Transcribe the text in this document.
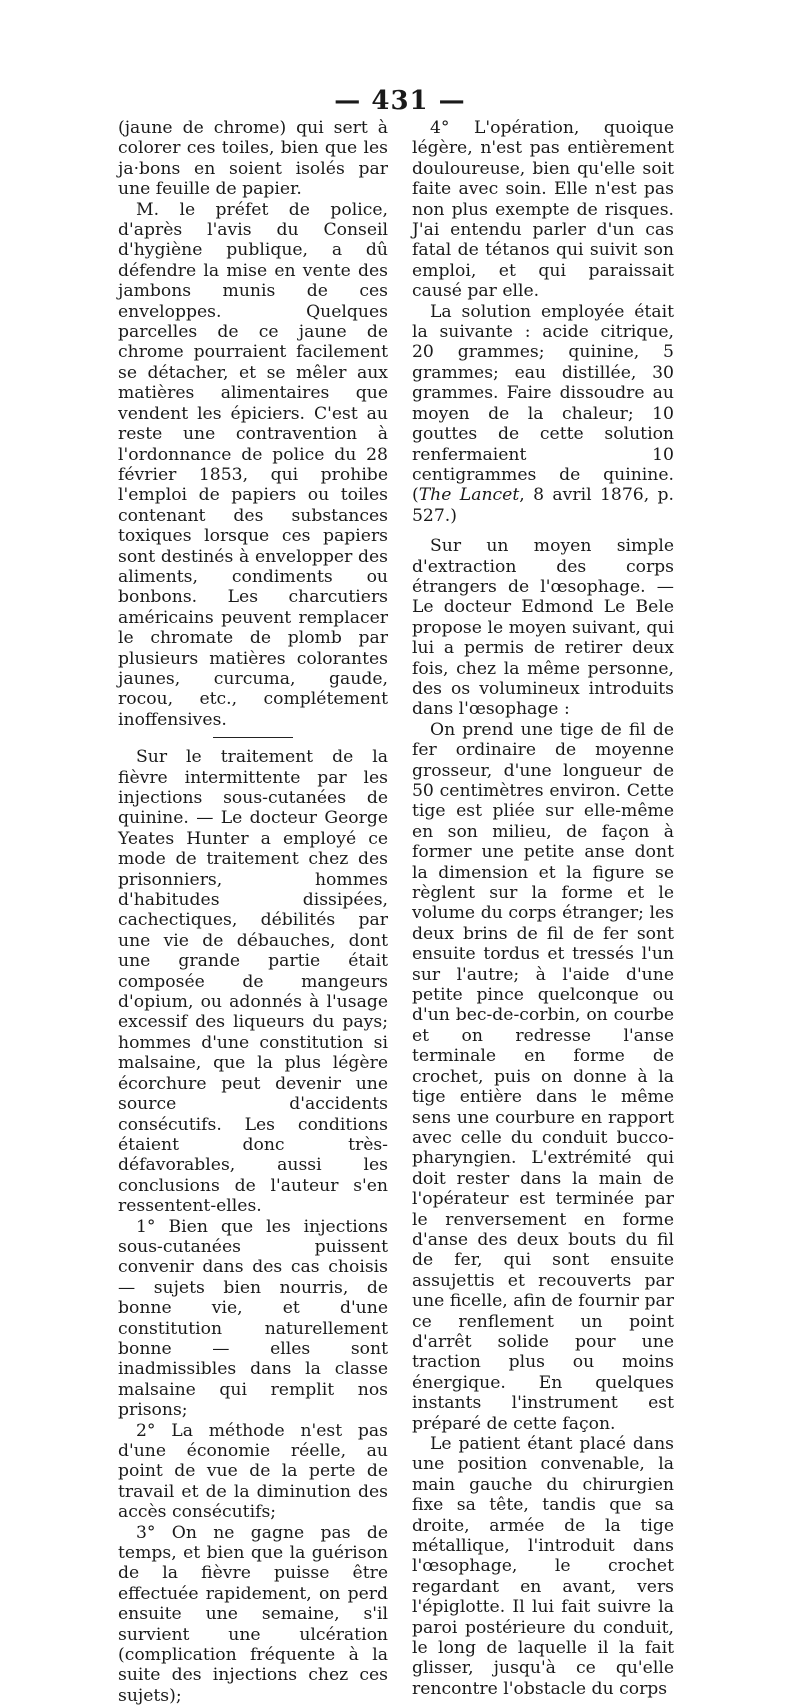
— 431 —

(jaune de chrome) qui sert à colorer ces toiles, bien que les ja·bons en soient isolés par une feuille de papier.

M. le préfet de police, d'après l'avis du Conseil d'hygiène publique, a dû défendre la mise en vente des jambons munis de ces enveloppes. Quelques parcelles de ce jaune de chrome pourraient facilement se détacher, et se mêler aux matières alimentaires que vendent les épiciers. C'est au reste une contravention à l'ordonnance de police du 28 février 1853, qui prohibe l'emploi de papiers ou toiles contenant des substances toxiques lorsque ces papiers sont destinés à envelopper des aliments, condiments ou bonbons. Les charcutiers américains peuvent remplacer le chromate de plomb par plusieurs matières colorantes jaunes, curcuma, gaude, rocou, etc., complétement inoffensives.

Sur le traitement de la fièvre intermittente par les injections sous-cutanées de quinine. — Le docteur George Yeates Hunter a employé ce mode de traitement chez des prisonniers, hommes d'habitudes dissipées, cachectiques, débilités par une vie de débauches, dont une grande partie était composée de mangeurs d'opium, ou adonnés à l'usage excessif des liqueurs du pays; hommes d'une constitution si malsaine, que la plus légère écorchure peut devenir une source d'accidents consécutifs. Les conditions étaient donc très-défavorables, aussi les conclusions de l'auteur s'en ressentent-elles.

1° Bien que les injections sous-cutanées puissent convenir dans des cas choisis — sujets bien nourris, de bonne vie, et d'une constitution naturellement bonne — elles sont inadmissibles dans la classe malsaine qui remplit nos prisons;

2° La méthode n'est pas d'une économie réelle, au point de vue de la perte de travail et de la diminution des accès consécutifs;

3° On ne gagne pas de temps, et bien que la guérison de la fièvre puisse être effectuée rapidement, on perd ensuite une semaine, s'il survient une ulcération (complication fréquente à la suite des injections chez ces sujets);

4° L'opération, quoique légère, n'est pas entièrement douloureuse, bien qu'elle soit faite avec soin. Elle n'est pas non plus exempte de risques. J'ai entendu parler d'un cas fatal de tétanos qui suivit son emploi, et qui paraissait causé par elle.

La solution employée était la suivante : acide citrique, 20 grammes; quinine, 5 grammes; eau distillée, 30 grammes. Faire dissoudre au moyen de la chaleur; 10 gouttes de cette solution renfermaient 10 centigrammes de quinine. (The Lancet, 8 avril 1876, p. 527.)

Sur un moyen simple d'extraction des corps étrangers de l'œsophage. — Le docteur Edmond Le Bele propose le moyen suivant, qui lui a permis de retirer deux fois, chez la même personne, des os volumineux introduits dans l'œsophage :

On prend une tige de fil de fer ordinaire de moyenne grosseur, d'une longueur de 50 centimètres environ. Cette tige est pliée sur elle-même en son milieu, de façon à former une petite anse dont la dimension et la figure se règlent sur la forme et le volume du corps étranger; les deux brins de fil de fer sont ensuite tordus et tressés l'un sur l'autre; à l'aide d'une petite pince quelconque ou d'un bec-de-corbin, on courbe et on redresse l'anse terminale en forme de crochet, puis on donne à la tige entière dans le même sens une courbure en rapport avec celle du conduit bucco-pharyngien. L'extrémité qui doit rester dans la main de l'opérateur est terminée par le renversement en forme d'anse des deux bouts du fil de fer, qui sont ensuite assujettis et recouverts par une ficelle, afin de fournir par ce renflement un point d'arrêt solide pour une traction plus ou moins énergique. En quelques instants l'instrument est préparé de cette façon.

Le patient étant placé dans une position convenable, la main gauche du chirurgien fixe sa tête, tandis que sa droite, armée de la tige métallique, l'introduit dans l'œsophage, le crochet regardant en avant, vers l'épiglotte. Il lui fait suivre la paroi postérieure du conduit, le long de laquelle il la fait glisser, jusqu'à ce qu'elle rencontre l'obstacle du corps
